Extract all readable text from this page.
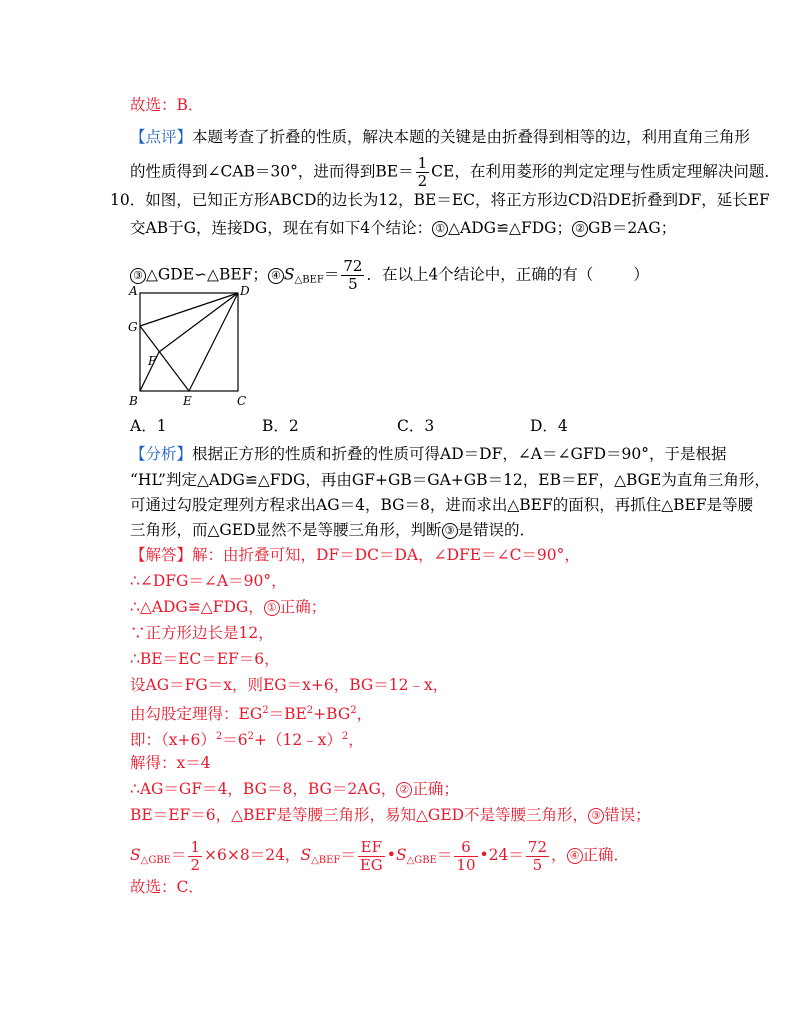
故选：B．
【点评】本题考查了折叠的性质，解决本题的关键是由折叠得到相等的边，利用直角三角形
的性质得到∠CAB＝30°，进而得到$BE= \frac{1}{2}$ CE，在利用菱形的判定定理与性质定理解决问题．
10．如图，已知正方形ABCD的边长为12，BE＝EC，将正方形边CD沿DE折叠到DF，延长EF
交AB于G，连接DG，现在有如下4个结论： ① △ADG≌△FDG； ② GB＝2AG；
③ △GDE∽△BEF； ④ $S_{\triangle BEF}= \frac{72}{5}$ ．在以上4个结论中，正确的有（	）
A	D
G
F
B	E	C
A．1	B．2	C．3	D．4
【分析】根据正方形的性质和折叠的性质可得AD＝DF，∠A＝∠GFD＝90°，于是根据
“HL”判定△ADG≌△FDG，再由GF+GB＝GA+GB＝12，EB＝EF，△BGE为直角三角形，
可通过勾股定理列方程求出AG＝4，BG＝8，进而求出△BEF的面积，再抓住△BEF是等腰
三角形，而△GED显然不是等腰三角形，判断 ③ 是错误的．
【解答】解：由折叠可知，DF＝DC＝DA，∠DFE＝∠C＝90°，
∴∠DFG＝∠A＝90°，
∴△ADG≌△FDG， ① 正确；
∵正方形边长是12，
∴BE＝EC＝EF＝6，
设AG＝FG＝x，则EG＝x+6，BG＝12﹣x，
由勾股定理得：$EG^2=BE^2+BG^2$，
即：$(x+6)^2=6^2+(12﹣x)^2$，
解得：x＝4
∴AG＝GF＝4，BG＝8，BG＝2AG， ② 正确；
BE＝EF＝6，△BEF是等腰三角形，易知△GED不是等腰三角形， ③ 错误；
$S_{\triangle GBE}= \frac{1}{2} \times 6\times 8=24$，$S_{\triangle BEF}= \frac{EF}{EG}$ $•S_{\triangle GBE}= \frac{6}{10}$ •24＝ $\frac{72}{5}$ ， ④ 正确．
故选：C．
